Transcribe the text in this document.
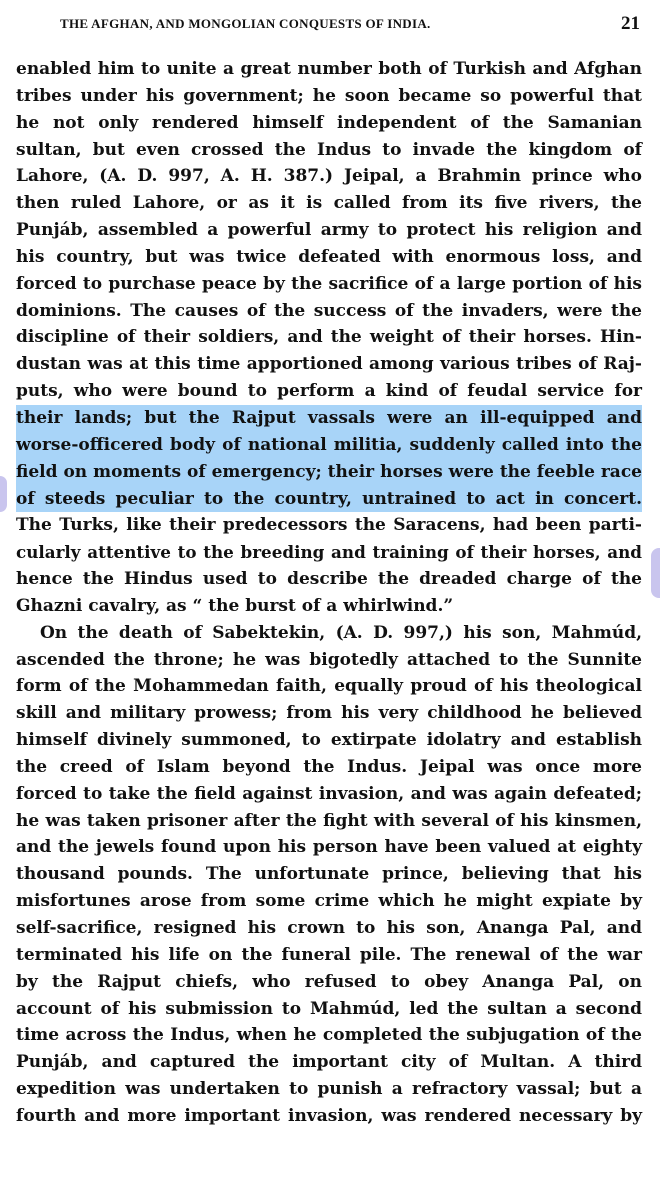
THE AFGHAN, AND MONGOLIAN CONQUESTS OF INDIA.	21
enabled him to unite a great number both of Turkish and Afghan
tribes under his government; he soon became so powerful that
he not only rendered himself independent of the Samanian
sultan, but even crossed the Indus to invade the kingdom of
Lahore, (A. D. 997, A. H. 387.) Jeipal, a Brahmin prince who
then ruled Lahore, or as it is called from its five rivers, the
Punjáb, assembled a powerful army to protect his religion and
his country, but was twice defeated with enormous loss, and
forced to purchase peace by the sacrifice of a large portion of his
dominions. The causes of the success of the invaders, were the
discipline of their soldiers, and the weight of their horses. Hin-
dustan was at this time apportioned among various tribes of Raj-
puts, who were bound to perform a kind of feudal service for
their lands; but the Rajput vassals were an ill-equipped and
worse-officered body of national militia, suddenly called into the
field on moments of emergency; their horses were the feeble race
of steeds peculiar to the country, untrained to act in concert.
The Turks, like their predecessors the Saracens, had been parti-
cularly attentive to the breeding and training of their horses, and
hence the Hindus used to describe the dreaded charge of the
Ghazni cavalry, as “ the burst of a whirlwind.”
On the death of Sabektekin, (A. D. 997,) his son, Mahmúd,
ascended the throne; he was bigotedly attached to the Sunnite
form of the Mohammedan faith, equally proud of his theological
skill and military prowess; from his very childhood he believed
himself divinely summoned, to extirpate idolatry and establish
the creed of Islam beyond the Indus. Jeipal was once more
forced to take the field against invasion, and was again defeated;
he was taken prisoner after the fight with several of his kinsmen,
and the jewels found upon his person have been valued at eighty
thousand pounds. The unfortunate prince, believing that his
misfortunes arose from some crime which he might expiate by
self-sacrifice, resigned his crown to his son, Ananga Pal, and
terminated his life on the funeral pile. The renewal of the war
by the Rajput chiefs, who refused to obey Ananga Pal, on
account of his submission to Mahmúd, led the sultan a second
time across the Indus, when he completed the subjugation of the
Punjáb, and captured the important city of Multan. A third
expedition was undertaken to punish a refractory vassal; but a
fourth and more important invasion, was rendered necessary by
